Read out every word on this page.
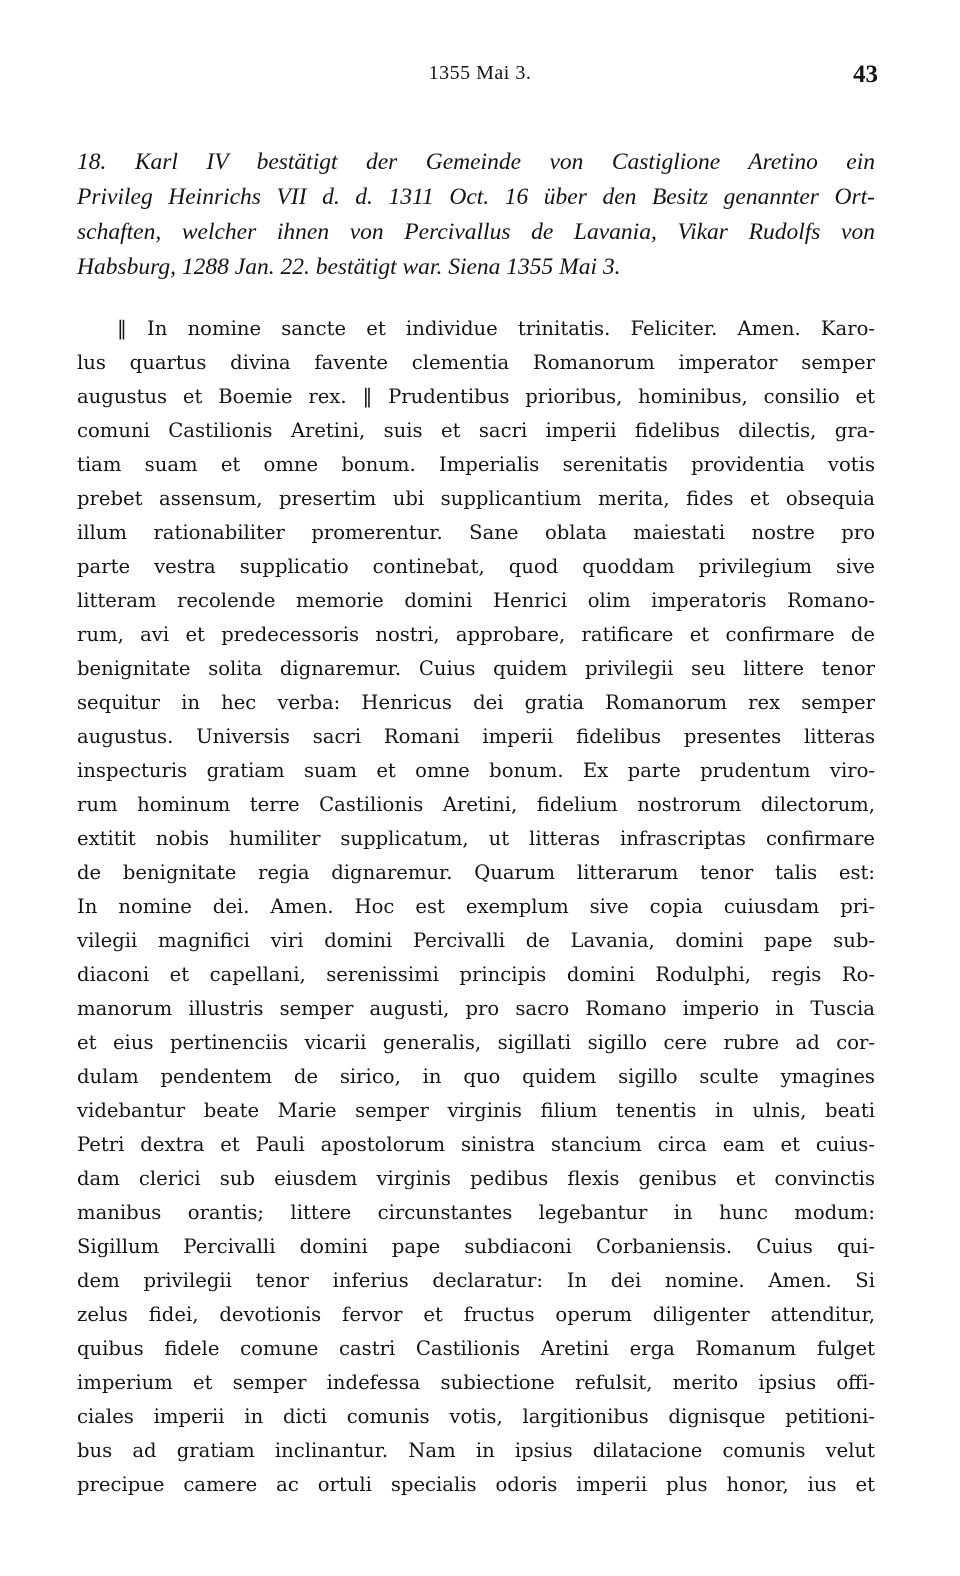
1355 Mai 3.	43
18. Karl IV bestätigt der Gemeinde von Castiglione Aretino ein
Privileg Heinrichs VII d. d. 1311 Oct. 16 über den Besitz genannter Ort-
schaften, welcher ihnen von Percivallus de Lavania, Vikar Rudolfs von
Habsburg, 1288 Jan. 22. bestätigt war. Siena 1355 Mai 3.
‖ In nomine sancte et individue trinitatis. Feliciter. Amen. Karo-
lus quartus divina favente clementia Romanorum imperator semper
augustus et Boemie rex. ‖ Prudentibus prioribus, hominibus, consilio et
comuni Castilionis Aretini, suis et sacri imperii fidelibus dilectis, gra-
tiam suam et omne bonum. Imperialis serenitatis providentia votis
prebet assensum, presertim ubi supplicantium merita, fides et obsequia
illum rationabiliter promerentur. Sane oblata maiestati nostre pro
parte vestra supplicatio continebat, quod quoddam privilegium sive
litteram recolende memorie domini Henrici olim imperatoris Romano-
rum, avi et predecessoris nostri, approbare, ratificare et confirmare de
benignitate solita dignaremur. Cuius quidem privilegii seu littere tenor
sequitur in hec verba: Henricus dei gratia Romanorum rex semper
augustus. Universis sacri Romani imperii fidelibus presentes litteras
inspecturis gratiam suam et omne bonum. Ex parte prudentum viro-
rum hominum terre Castilionis Aretini, fidelium nostrorum dilectorum,
extitit nobis humiliter supplicatum, ut litteras infrascriptas confirmare
de benignitate regia dignaremur. Quarum litterarum tenor talis est:
In nomine dei. Amen. Hoc est exemplum sive copia cuiusdam pri-
vilegii magnifici viri domini Percivalli de Lavania, domini pape sub-
diaconi et capellani, serenissimi principis domini Rodulphi, regis Ro-
manorum illustris semper augusti, pro sacro Romano imperio in Tuscia
et eius pertinenciis vicarii generalis, sigillati sigillo cere rubre ad cor-
dulam pendentem de sirico, in quo quidem sigillo sculte ymagines
videbantur beate Marie semper virginis filium tenentis in ulnis, beati
Petri dextra et Pauli apostolorum sinistra stancium circa eam et cuius-
dam clerici sub eiusdem virginis pedibus flexis genibus et convinctis
manibus orantis; littere circunstantes legebantur in hunc modum:
Sigillum Percivalli domini pape subdiaconi Corbaniensis. Cuius qui-
dem privilegii tenor inferius declaratur: In dei nomine. Amen. Si
zelus fidei, devotionis fervor et fructus operum diligenter attenditur,
quibus fidele comune castri Castilionis Aretini erga Romanum fulget
imperium et semper indefessa subiectione refulsit, merito ipsius offi-
ciales imperii in dicti comunis votis, largitionibus dignisque petitioni-
bus ad gratiam inclinantur. Nam in ipsius dilatacione comunis velut
precipue camere ac ortuli specialis odoris imperii plus honor, ius et
